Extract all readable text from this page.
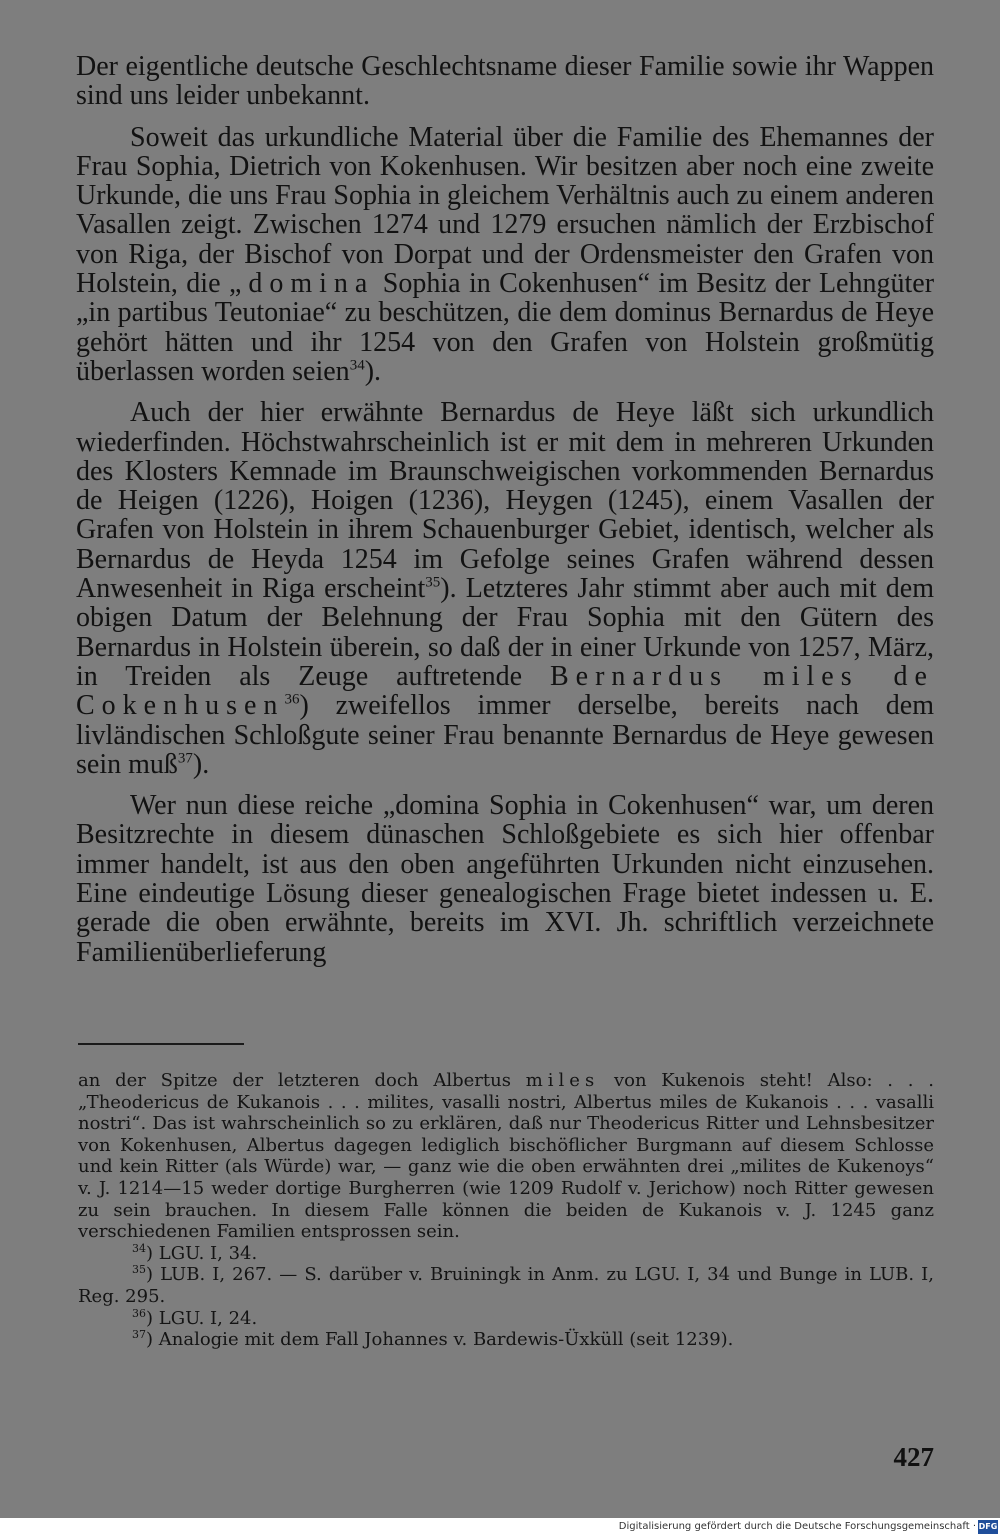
Der eigentliche deutsche Geschlechtsname dieser Familie sowie ihr Wappen sind uns leider unbekannt.

Soweit das urkundliche Material über die Familie des Ehemannes der Frau Sophia, Dietrich von Kokenhusen. Wir besitzen aber noch eine zweite Urkunde, die uns Frau Sophia in gleichem Verhältnis auch zu einem anderen Vasallen zeigt. Zwischen 1274 und 1279 ersuchen nämlich der Erzbischof von Riga, der Bischof von Dorpat und der Ordensmeister den Grafen von Holstein, die „domina Sophia in Cokenhusen“ im Besitz der Lehngüter „in partibus Teutoniae“ zu beschützen, die dem dominus Bernardus de Heye gehört hätten und ihr 1254 von den Grafen von Holstein großmütig überlassen worden seien$^{34}$).

Auch der hier erwähnte Bernardus de Heye läßt sich urkundlich wiederfinden. Höchstwahrscheinlich ist er mit dem in mehreren Urkunden des Klosters Kemnade im Braunschweigischen vorkommenden Bernardus de Heigen (1226), Hoigen (1236), Heygen (1245), einem Vasallen der Grafen von Holstein in ihrem Schauenburger Gebiet, identisch, welcher als Bernardus de Heyda 1254 im Gefolge seines Grafen während dessen Anwesenheit in Riga erscheint$^{35}$). Letzteres Jahr stimmt aber auch mit dem obigen Datum der Belehnung der Frau Sophia mit den Gütern des Bernardus in Holstein überein, so daß der in einer Urkunde von 1257, März, in Treiden als Zeuge auftretende Bernardus miles de Cokenhusen$^{36}$) zweifellos immer derselbe, bereits nach dem livländischen Schloßgute seiner Frau benannte Bernardus de Heye gewesen sein muß$^{37}$).

Wer nun diese reiche „domina Sophia in Cokenhusen“ war, um deren Besitzrechte in diesem dünaschen Schloßgebiete es sich hier offenbar immer handelt, ist aus den oben angeführten Urkunden nicht einzusehen. Eine eindeutige Lösung dieser genealogischen Frage bietet indessen u. E. gerade die oben erwähnte, bereits im XVI. Jh. schriftlich verzeichnete Familienüberlieferung

an der Spitze der letzteren doch Albertus miles von Kukenois steht! Also: . . . „Theodericus de Kukanois . . . milites, vasalli nostri, Albertus miles de Kukanois . . . vasalli nostri“. Das ist wahrscheinlich so zu erklären, daß nur Theodericus Ritter und Lehnsbesitzer von Kokenhusen, Albertus dagegen lediglich bischöflicher Burgmann auf diesem Schlosse und kein Ritter (als Würde) war, — ganz wie die oben erwähnten drei „milites de Kukenoys“ v. J. 1214—15 weder dortige Burgherren (wie 1209 Rudolf v. Jerichow) noch Ritter gewesen zu sein brauchen. In diesem Falle können die beiden de Kukanois v. J. 1245 ganz verschiedenen Familien entsprossen sein.

$^{34}$) LGU. I, 34.

$^{35}$) LUB. I, 267. — S. darüber v. Bruiningk in Anm. zu LGU. I, 34 und Bunge in LUB. I, Reg. 295.

$^{36}$) LGU. I, 24.

$^{37}$) Analogie mit dem Fall Johannes v. Bardewis-Üxküll (seit 1239).

427
Digitalisierung gefördert durch die Deutsche Forschungsgemeinschaft · DFG
